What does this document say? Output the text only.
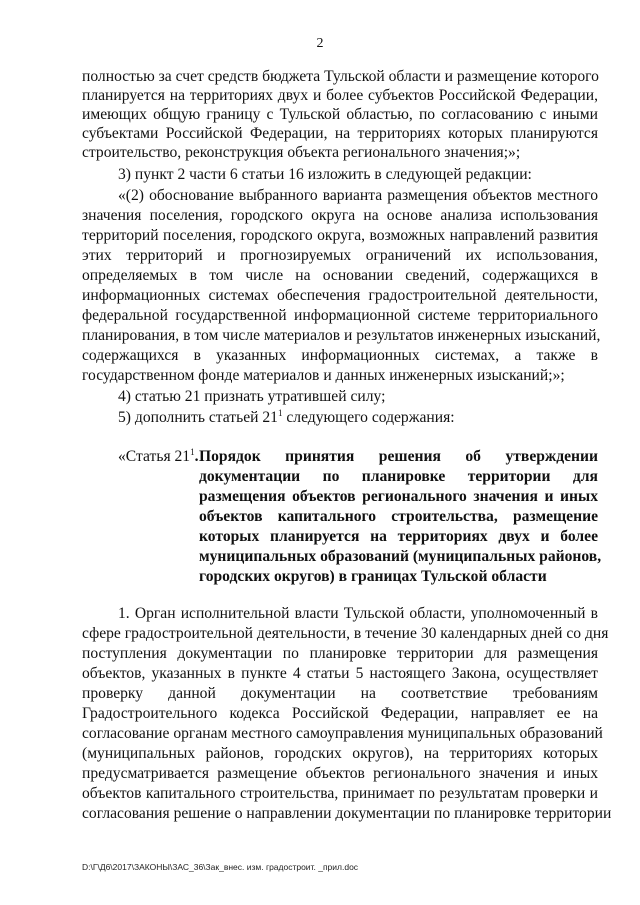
2
полностью за счет средств бюджета Тульской области и размещение которого
планируется на территориях двух и более субъектов Российской Федерации,
имеющих общую границу с Тульской областью, по согласованию с иными
субъектами Российской Федерации, на территориях которых планируются
строительство, реконструкция объекта регионального значения;»;
3) пункт 2 части 6 статьи 16 изложить в следующей редакции:
«(2) обоснование выбранного варианта размещения объектов местного
значения поселения, городского округа на основе анализа использования
территорий поселения, городского округа, возможных направлений развития
этих территорий и прогнозируемых ограничений их использования,
определяемых в том числе на основании сведений, содержащихся в
информационных системах обеспечения градостроительной деятельности,
федеральной государственной информационной системе территориального
планирования, в том числе материалов и результатов инженерных изысканий,
содержащихся в указанных информационных системах, а также в
государственном фонде материалов и данных инженерных изысканий;»;
4) статью 21 признать утратившей силу;
5) дополнить статьей $21^1$ следующего содержания:
«Статья $21^1$. Порядок принятия решения об утверждении
документации по планировке территории для
размещения объектов регионального значения и иных
объектов капитального строительства, размещение
которых планируется на территориях двух и более
муниципальных образований (муниципальных районов,
городских округов) в границах Тульской области
1. Орган исполнительной власти Тульской области, уполномоченный в
сфере градостроительной деятельности, в течение 30 календарных дней со дня
поступления документации по планировке территории для размещения
объектов, указанных в пункте 4 статьи 5 настоящего Закона, осуществляет
проверку данной документации на соответствие требованиям
Градостроительного кодекса Российской Федерации, направляет ее на
согласование органам местного самоуправления муниципальных образований
(муниципальных районов, городских округов), на территориях которых
предусматривается размещение объектов регионального значения и иных
объектов капитального строительства, принимает по результатам проверки и
согласования решение о направлении документации по планировке территории
D:\Г\Д6\2017\ЗАКОНЫ\ЗАС_36\Зак_внес. изм. градостроит. _прил.doc
